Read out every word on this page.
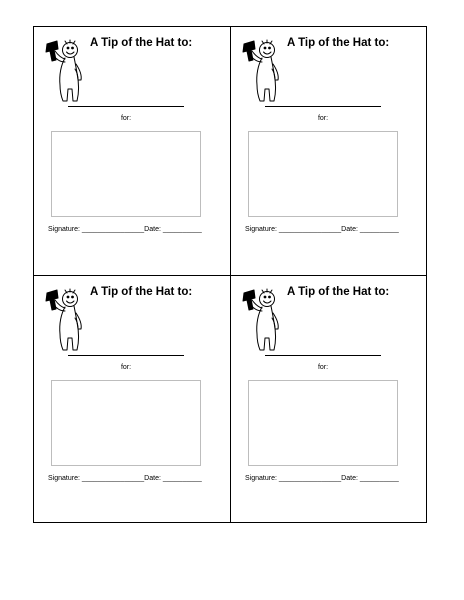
A Tip of the Hat to:
for:
Signature: ________________Date: __________
A Tip of the Hat to:
for:
Signature: ________________Date: __________
A Tip of the Hat to:
for:
Signature: ________________Date: __________
A Tip of the Hat to:
for:
Signature: ________________Date: __________
